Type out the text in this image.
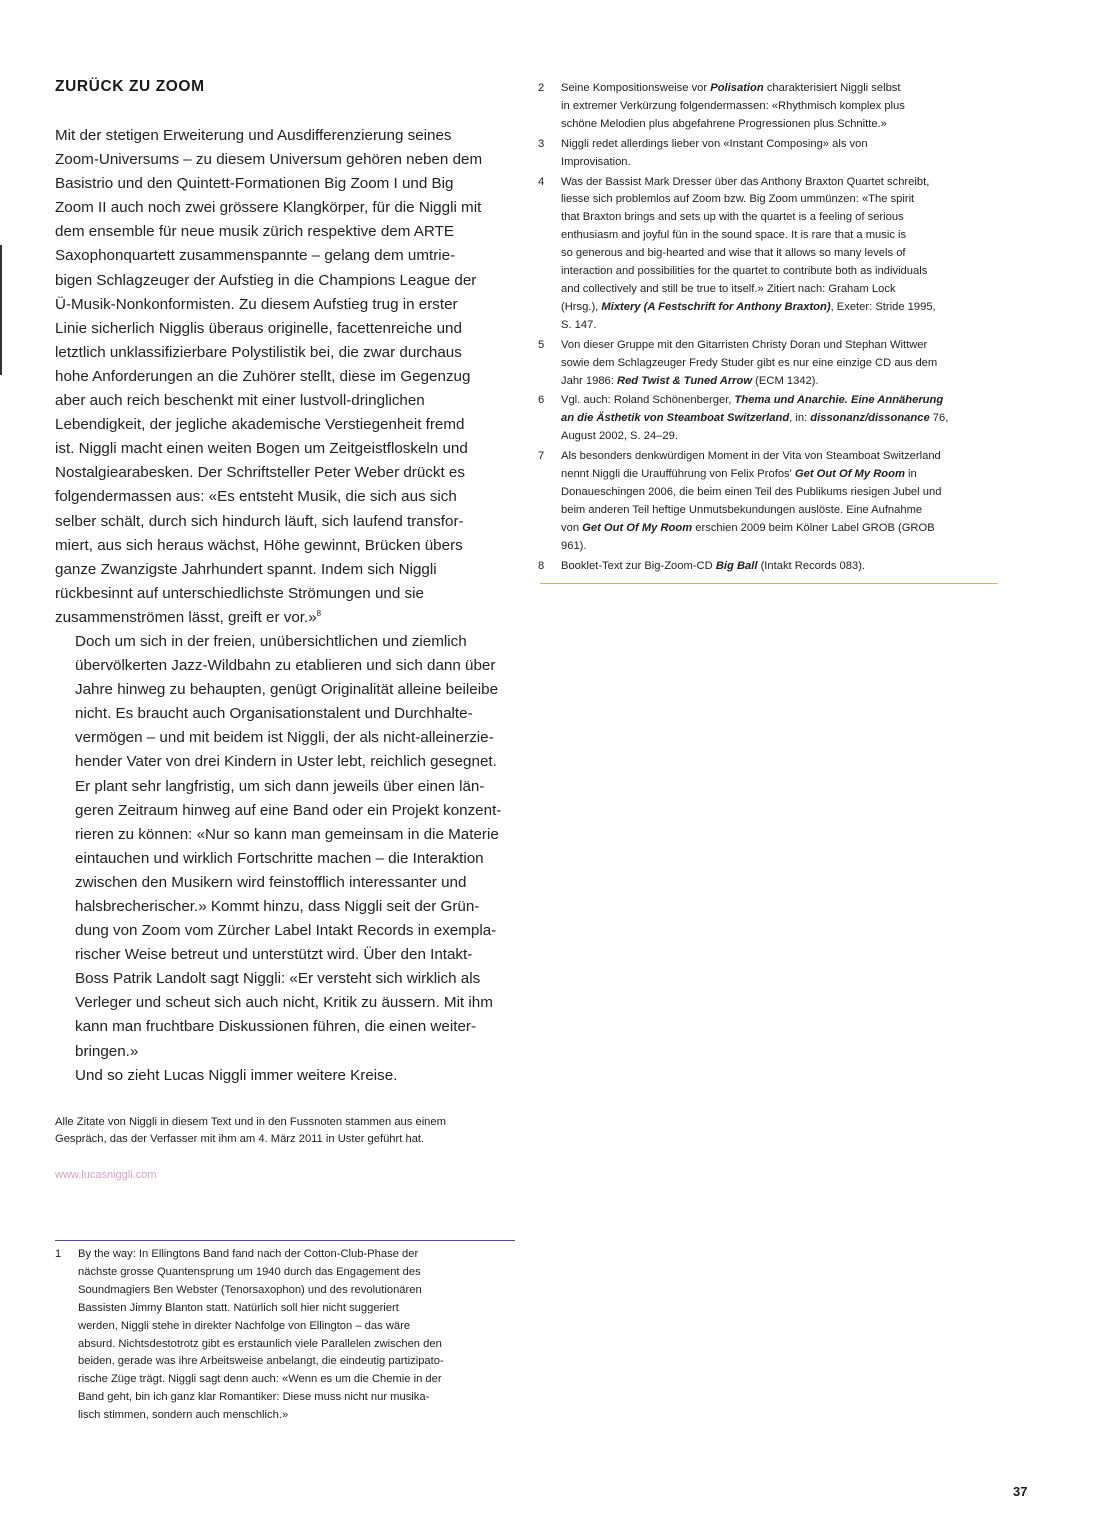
ZURÜCK ZU ZOOM

Mit der stetigen Erweiterung und Ausdifferenzierung seines
Zoom-Universums – zu diesem Universum gehören neben dem
Basistrio und den Quintett-Formationen Big Zoom I und Big
Zoom II auch noch zwei grössere Klangkörper, für die Niggli mit
dem ensemble für neue musik zürich respektive dem ARTE
Saxophonquartett zusammenspannte – gelang dem umtrie-
bigen Schlagzeuger der Aufstieg in die Champions League der
Ü-Musik-Nonkonformisten. Zu diesem Aufstieg trug in erster
Linie sicherlich Nigglis überaus originelle, facettenreiche und
letztlich unklassifizierbare Polystilistik bei, die zwar durchaus
hohe Anforderungen an die Zuhörer stellt, diese im Gegenzug
aber auch reich beschenkt mit einer lustvoll-dringlichen
Lebendigkeit, der jegliche akademische Verstiegenheit fremd
ist. Niggli macht einen weiten Bogen um Zeitgeistfloskeln und
Nostalgiearabesken. Der Schriftsteller Peter Weber drückt es
folgendermassen aus: «Es entsteht Musik, die sich aus sich
selber schält, durch sich hindurch läuft, sich laufend transfor-
miert, aus sich heraus wächst, Höhe gewinnt, Brücken übers
ganze Zwanzigste Jahrhundert spannt. Indem sich Niggli
rückbesinnt auf unterschiedlichste Strömungen und sie
zusammenströmen lässt, greift er vor.»$^8$

Doch um sich in der freien, unübersichtlichen und ziemlich
übervölkerten Jazz-Wildbahn zu etablieren und sich dann über
Jahre hinweg zu behaupten, genügt Originalität alleine beileibe
nicht. Es braucht auch Organisationstalent und Durchhalte-
vermögen – und mit beidem ist Niggli, der als nicht-alleinerzie-
hender Vater von drei Kindern in Uster lebt, reichlich gesegnet.
Er plant sehr langfristig, um sich dann jeweils über einen län-
geren Zeitraum hinweg auf eine Band oder ein Projekt konzent-
rieren zu können: «Nur so kann man gemeinsam in die Materie
eintauchen und wirklich Fortschritte machen – die Interaktion
zwischen den Musikern wird feinstofflich interessanter und
halsbrecherischer.» Kommt hinzu, dass Niggli seit der Grün-
dung von Zoom vom Zürcher Label Intakt Records in exempla-
rischer Weise betreut und unterstützt wird. Über den Intakt-
Boss Patrik Landolt sagt Niggli: «Er versteht sich wirklich als
Verleger und scheut sich auch nicht, Kritik zu äussern. Mit ihm
kann man fruchtbare Diskussionen führen, die einen weiter-
bringen.»

Und so zieht Lucas Niggli immer weitere Kreise.

Alle Zitate von Niggli in diesem Text und in den Fussnoten stammen aus einem
Gespräch, das der Verfasser mit ihm am 4. März 2011 in Uster geführt hat.

www.lucasniggli.com

1 By the way: In Ellingtons Band fand nach der Cotton-Club-Phase der
nächste grosse Quantensprung um 1940 durch das Engagement des
Soundmagiers Ben Webster (Tenorsaxophon) und des revolutionären
Bassisten Jimmy Blanton statt. Natürlich soll hier nicht suggeriert
werden, Niggli stehe in direkter Nachfolge von Ellington – das wäre
absurd. Nichtsdestotrotz gibt es erstaunlich viele Parallelen zwischen den
beiden, gerade was ihre Arbeitsweise anbelangt, die eindeutig partizipato-
rische Züge trägt. Niggli sagt denn auch: «Wenn es um die Chemie in der
Band geht, bin ich ganz klar Romantiker: Diese muss nicht nur musika-
lisch stimmen, sondern auch menschlich.»
2 Seine Kompositionsweise vor Polisation charakterisiert Niggli selbst
in extremer Verkürzung folgendermassen: «Rhythmisch komplex plus
schöne Melodien plus abgefahrene Progressionen plus Schnitte.»
3 Niggli redet allerdings lieber von «Instant Composing» als von
Improvisation.
4 Was der Bassist Mark Dresser über das Anthony Braxton Quartet schreibt,
liesse sich problemlos auf Zoom bzw. Big Zoom ummünzen: «The spirit
that Braxton brings and sets up with the quartet is a feeling of serious
enthusiasm and joyful fün in the sound space. It is rare that a music is
so generous and big-hearted and wise that it allows so many levels of
interaction and possibilities for the quartet to contribute both as individuals
and collectively and still be true to itself.» Zitiert nach: Graham Lock
(Hrsg.), Mixtery (A Festschrift for Anthony Braxton), Exeter: Stride 1995,
S. 147.
5 Von dieser Gruppe mit den Gitarristen Christy Doran und Stephan Wittwer
sowie dem Schlagzeuger Fredy Studer gibt es nur eine einzige CD aus dem
Jahr 1986: Red Twist & Tuned Arrow (ECM 1342).
6 Vgl. auch: Roland Schönenberger, Thema und Anarchie. Eine Annäherung
an die Ästhetik von Steamboat Switzerland, in: dissonanz/dissonance 76,
August 2002, S. 24–29.
7 Als besonders denkwürdigen Moment in der Vita von Steamboat Switzerland
nennt Niggli die Uraufführung von Felix Profos' Get Out Of My Room in
Donaueschingen 2006, die beim einen Teil des Publikums riesigen Jubel und
beim anderen Teil heftige Unmutsbekundungen auslöste. Eine Aufnahme
von Get Out Of My Room erschien 2009 beim Kölner Label GROB (GROB
961).
8 Booklet-Text zur Big-Zoom-CD Big Ball (Intakt Records 083).

37
